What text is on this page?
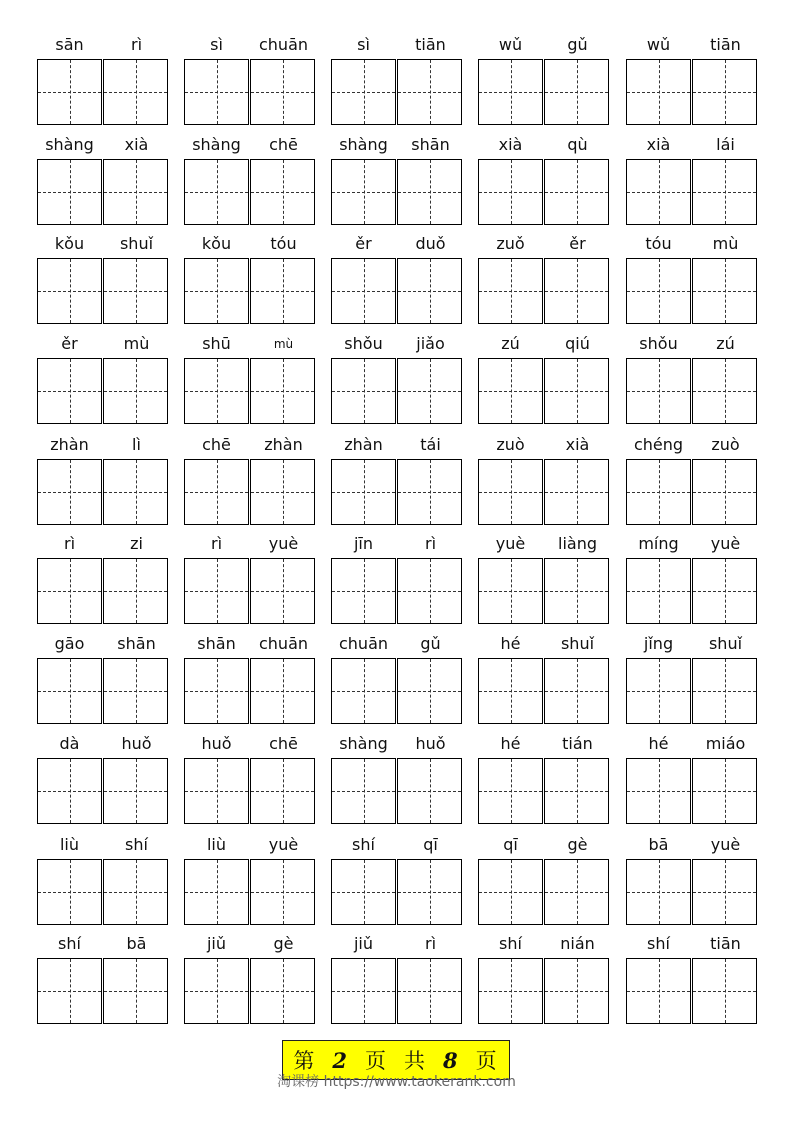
sān	rì	sì	chuān	sì	tiān	wǔ	gǔ	wǔ	tiān
shàng	xià	shàng	chē	shàng	shān	xià	qù	xià	lái
kǒu	shuǐ	kǒu	tóu	ěr	duǒ	zuǒ	ěr	tóu	mù
ěr	mù	shū	mù	shǒu	jiǎo	zú	qiú	shǒu	zú
zhàn	lì	chē	zhàn	zhàn	tái	zuò	xià	chéng	zuò
rì	zi	rì	yuè	jīn	rì	yuè	liàng	míng	yuè
gāo	shān	shān	chuān	chuān	gǔ	hé	shuǐ	jǐng	shuǐ
dà	huǒ	huǒ	chē	shàng	huǒ	hé	tián	hé	miáo
liù	shí	liù	yuè	shí	qī	qī	gè	bā	yuè
shí	bā	jiǔ	gè	jiǔ	rì	shí	nián	shí	tiān
第 2 页 共 8 页
淘课榜 https://www.taokerank.com
